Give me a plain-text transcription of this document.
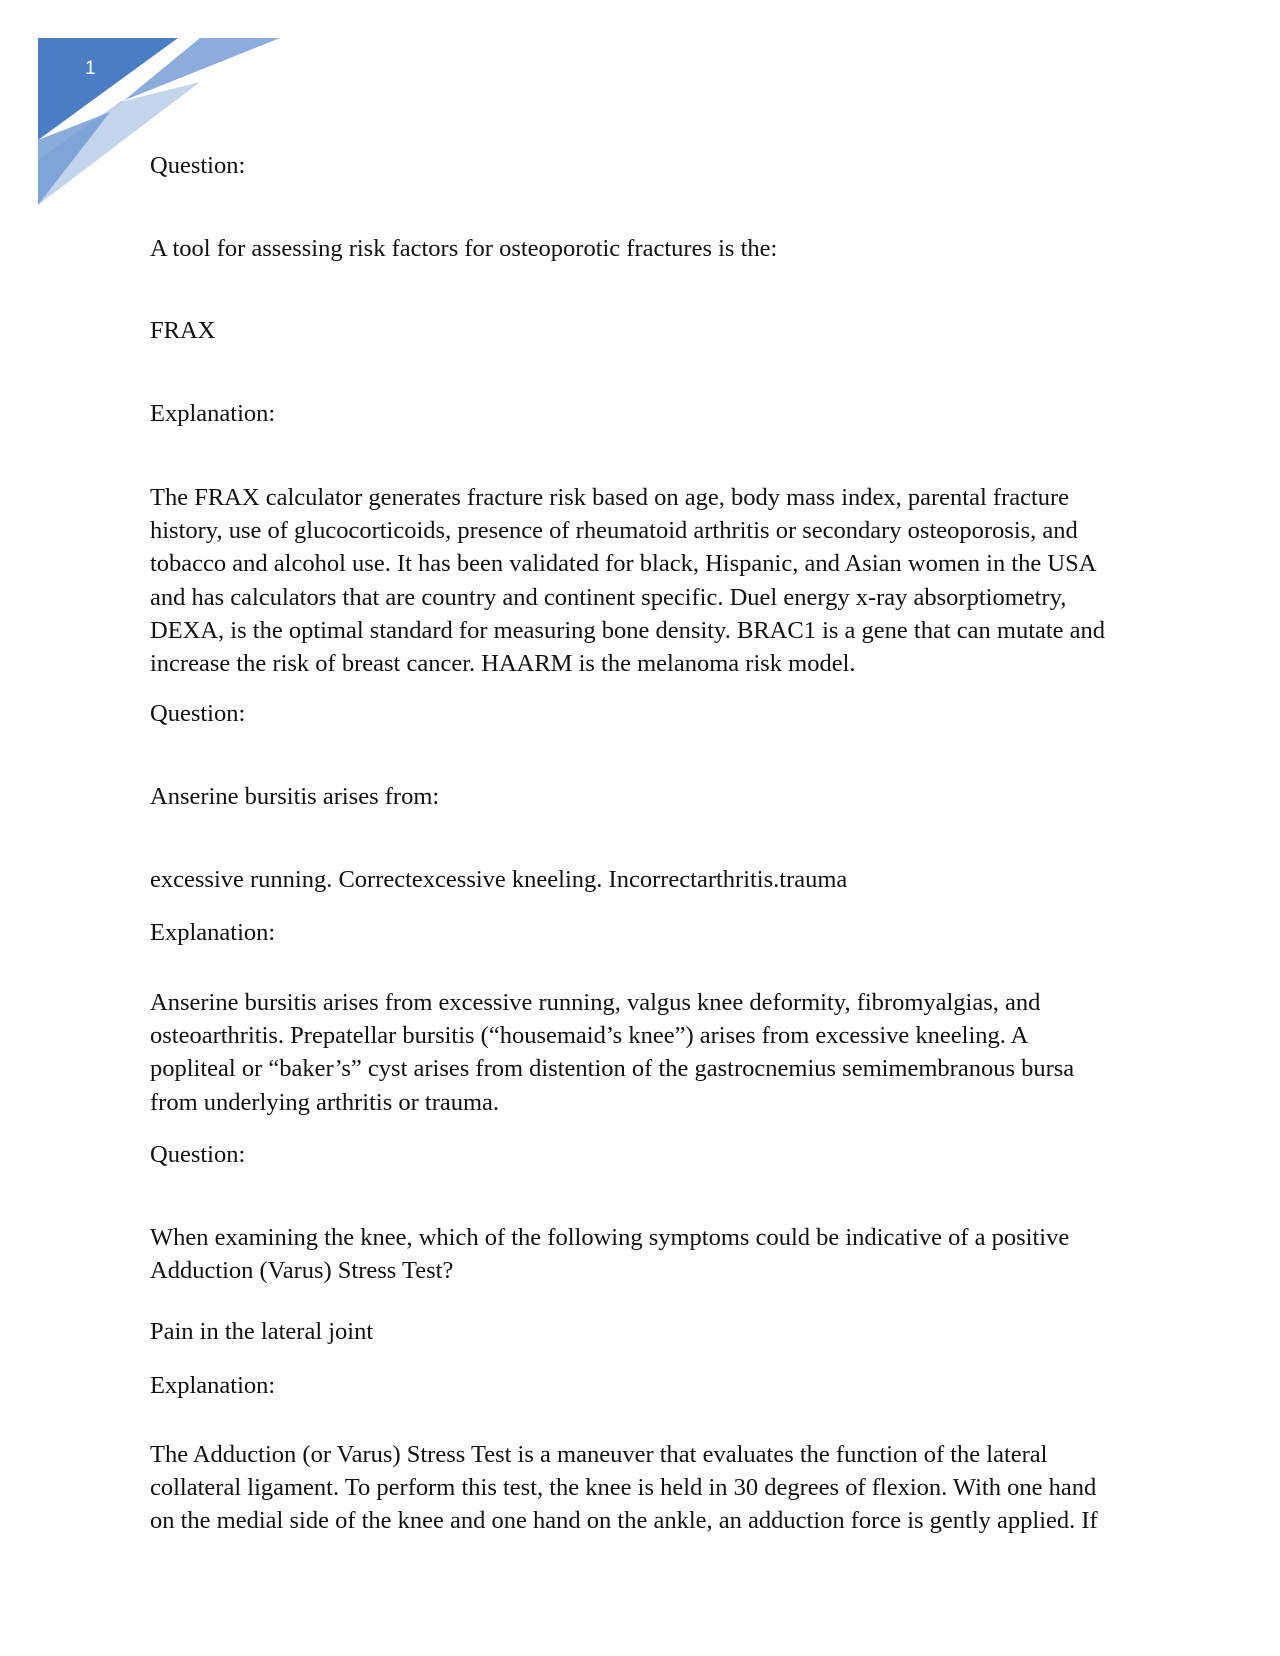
1
Question:
A tool for assessing risk factors for osteoporotic fractures is the:
FRAX
Explanation:
The FRAX calculator generates fracture risk based on age, body mass index, parental fracture
history, use of glucocorticoids, presence of rheumatoid arthritis or secondary osteoporosis, and
tobacco and alcohol use. It has been validated for black, Hispanic, and Asian women in the USA
and has calculators that are country and continent specific. Duel energy x-ray absorptiometry,
DEXA, is the optimal standard for measuring bone density. BRAC1 is a gene that can mutate and
increase the risk of breast cancer. HAARM is the melanoma risk model.
Question:
Anserine bursitis arises from:
excessive running. Correctexcessive kneeling. Incorrectarthritis.trauma
Explanation:
Anserine bursitis arises from excessive running, valgus knee deformity, fibromyalgias, and
osteoarthritis. Prepatellar bursitis (“housemaid’s knee”) arises from excessive kneeling. A
popliteal or “baker’s” cyst arises from distention of the gastrocnemius semimembranous bursa
from underlying arthritis or trauma.
Question:
When examining the knee, which of the following symptoms could be indicative of a positive
Adduction (Varus) Stress Test?
Pain in the lateral joint
Explanation:
The Adduction (or Varus) Stress Test is a maneuver that evaluates the function of the lateral
collateral ligament. To perform this test, the knee is held in 30 degrees of flexion. With one hand
on the medial side of the knee and one hand on the ankle, an adduction force is gently applied. If
